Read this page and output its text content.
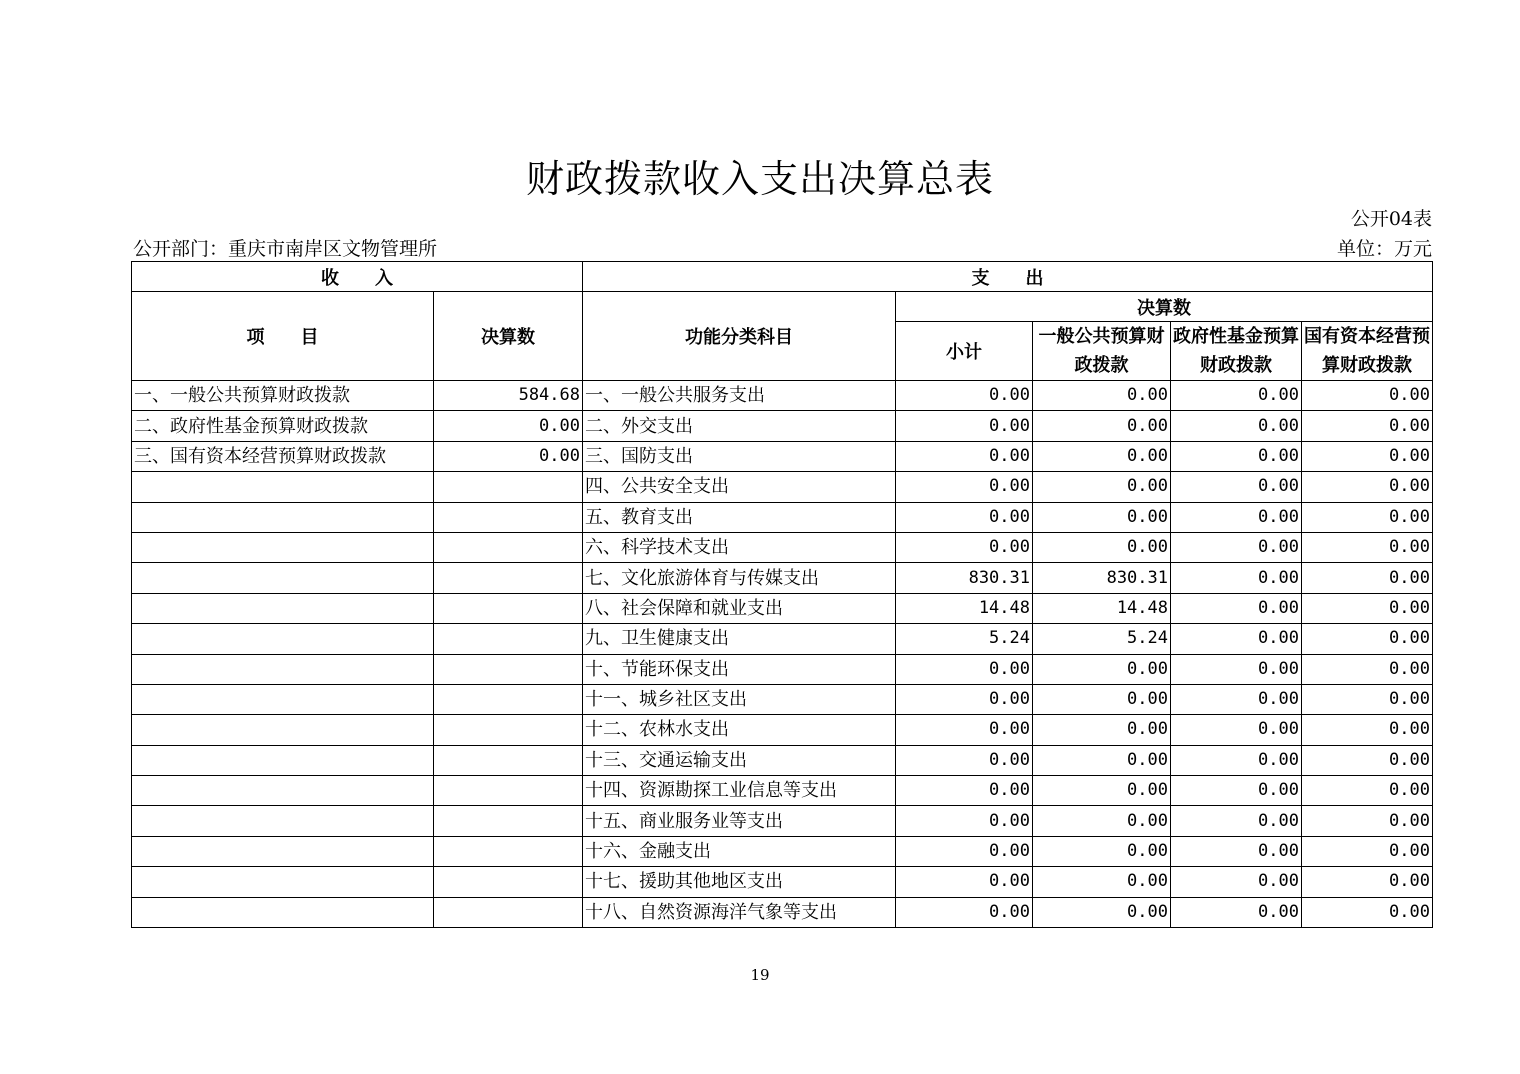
财政拨款收入支出决算总表
公开04表
公开部门：重庆市南岸区文物管理所	单位：万元
收　　入		支　　出				
项　　目	决算数	功能分类科目	决算数			
			小计	一般公共预算财政拨款	政府性基金预算财政拨款	国有资本经营预算财政拨款
一、一般公共预算财政拨款	584.68	一、一般公共服务支出	0.00	0.00	0.00	0.00
二、政府性基金预算财政拨款	0.00	二、外交支出	0.00	0.00	0.00	0.00
三、国有资本经营预算财政拨款	0.00	三、国防支出	0.00	0.00	0.00	0.00
		四、公共安全支出	0.00	0.00	0.00	0.00
		五、教育支出	0.00	0.00	0.00	0.00
		六、科学技术支出	0.00	0.00	0.00	0.00
		七、文化旅游体育与传媒支出	830.31	830.31	0.00	0.00
		八、社会保障和就业支出	14.48	14.48	0.00	0.00
		九、卫生健康支出	5.24	5.24	0.00	0.00
		十、节能环保支出	0.00	0.00	0.00	0.00
		十一、城乡社区支出	0.00	0.00	0.00	0.00
		十二、农林水支出	0.00	0.00	0.00	0.00
		十三、交通运输支出	0.00	0.00	0.00	0.00
		十四、资源勘探工业信息等支出	0.00	0.00	0.00	0.00
		十五、商业服务业等支出	0.00	0.00	0.00	0.00
		十六、金融支出	0.00	0.00	0.00	0.00
		十七、援助其他地区支出	0.00	0.00	0.00	0.00
		十八、自然资源海洋气象等支出	0.00	0.00	0.00	0.00
19
